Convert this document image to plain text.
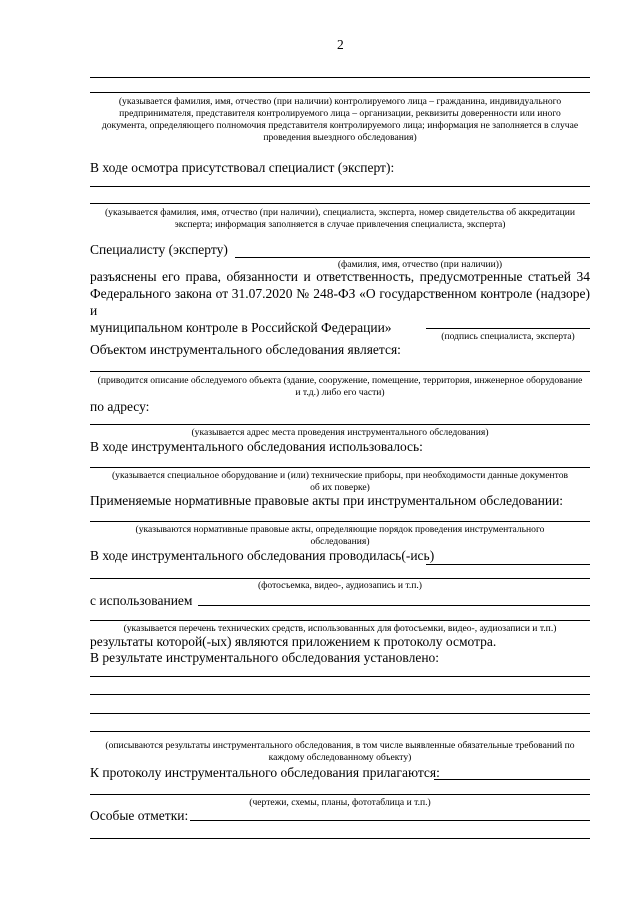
2
(указывается фамилия, имя, отчество (при наличии) контролируемого лица – гражданина, индивидуального предпринимателя, представителя контролируемого лица – организации, реквизиты доверенности или иного документа, определяющего полномочия представителя контролируемого лица; информация не заполняется в случае проведения выездного обследования)
В ходе осмотра присутствовал специалист (эксперт):
(указывается фамилия, имя, отчество (при наличии), специалиста, эксперта, номер свидетельства об аккредитации эксперта; информация заполняется в случае привлечения специалиста, эксперта)
Специалисту (эксперту)
(фамилия, имя, отчество (при наличии))
разъяснены его права, обязанности и ответственность, предусмотренные статьей 34
Федерального закона от 31.07.2020 № 248-ФЗ «О государственном контроле (надзоре) и
муниципальном контроле в Российской Федерации»
(подпись специалиста, эксперта)
Объектом инструментального обследования является:
(приводится описание обследуемого объекта (здание, сооружение, помещение, территория, инженерное оборудование и т.д.) либо его части)
по адресу:
(указывается адрес места проведения инструментального обследования)
В ходе инструментального обследования использовалось:
(указывается специальное оборудование и (или) технические приборы, при необходимости данные документов об их поверке)
Применяемые нормативные правовые акты при инструментальном обследовании:
(указываются нормативные правовые акты, определяющие порядок проведения инструментального обследования)
В ходе инструментального обследования проводилась(-ись)
(фотосъемка, видео-, аудиозапись и т.п.)
с использованием
(указывается перечень технических средств, использованных для фотосъемки, видео-, аудиозаписи и т.п.)
результаты которой(-ых) являются приложением к протоколу осмотра.
В результате инструментального обследования установлено:
(описываются результаты инструментального обследования, в том числе выявленные обязательные требований по каждому обследованному объекту)
К протоколу инструментального обследования прилагаются:
(чертежи, схемы, планы, фототаблица и т.п.)
Особые отметки:
